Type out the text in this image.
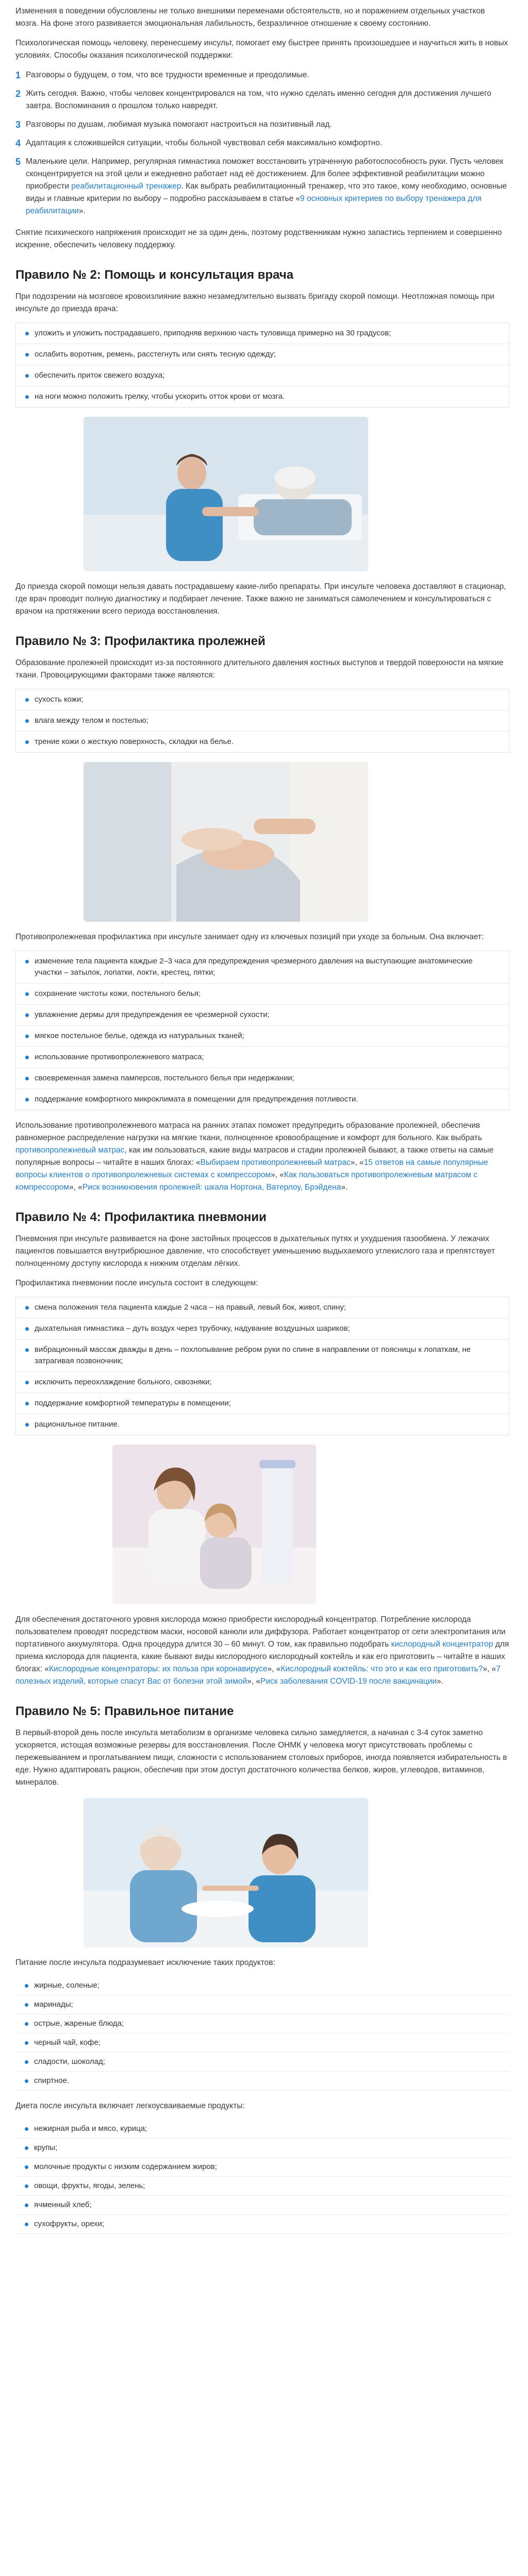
Изменения в поведении обусловлены не только внешними переменами обстоятельств, но и поражением отдельных участков мозга. На фоне этого развивается эмоциональная лабильность, безразличное отношение к своему состоянию.

Психологическая помощь человеку, перенесшему инсульт, помогает ему быстрее принять произошедшее и научиться жить в новых условиях. Способы оказания психологической поддержки:

1 Разговоры о будущем, о том, что все трудности временные и преодолимые.
2 Жить сегодня. Важно, чтобы человек концентрировался на том, что нужно сделать именно сегодня для достижения лучшего завтра. Воспоминания о прошлом только навредят.
3 Разговоры по душам, любимая музыка помогают настроиться на позитивный лад.
4 Адаптация к сложившейся ситуации, чтобы больной чувствовал себя максимально комфортно.
5 Маленькие цели. Например, регулярная гимнастика поможет восстановить утраченную работоспособность руки. Пусть человек сконцентрируется на этой цели и ежедневно работает над её достижением. Для более эффективной реабилитации можно приобрести реабилитационный тренажер. Как выбрать реабилитационный тренажер, что это такое, кому необходимо, основные виды и главные критерии по выбору – подробно рассказываем в статье «9 основных критериев по выбору тренажера для реабилитации».

Снятие психического напряжения происходит не за один день, поэтому родственникам нужно запастись терпением и совершенно искренне, обеспечить человеку поддержку.

Правило № 2: Помощь и консультация врача

При подозрении на мозговое кровоизлияние важно незамедлительно вызвать бригаду скорой помощи. Неотложная помощь при инсульте до приезда врача:

уложить и уложить пострадавшего, приподняв верхнюю часть туловища примерно на 30 градусов;
ослабить воротник, ремень, расстегнуть или снять тесную одежду;
обеспечить приток свежего воздуха;
на ноги можно положить грелку, чтобы ускорить отток крови от мозга.

До приезда скорой помощи нельзя давать пострадавшему какие-либо препараты. При инсульте человека доставляют в стационар, где врач проводит полную диагностику и подбирает лечение. Также важно не заниматься самолечением и консультироваться с врачом на протяжении всего периода восстановления.

Правило № 3: Профилактика пролежней

Образование пролежней происходит из-за постоянного длительного давления костных выступов и твердой поверхности на мягкие ткани. Провоцирующими факторами также являются:

сухость кожи;
влага между телом и постелью;
трение кожи о жесткую поверхность, складки на белье.

Противопролежневая профилактика при инсульте занимает одну из ключевых позиций при уходе за больным. Она включает:

изменение тела пациента каждые 2–3 часа для предупреждения чрезмерного давления на выступающие анатомические участки – затылок, лопатки, локти, крестец, пятки;
сохранение чистоты кожи, постельного белья;
увлажнение дермы для предупреждения ее чрезмерной сухости;
мягкое постельное белье, одежда из натуральных тканей;
использование противопролежневого матраса;
своевременная замена памперсов, постельного белья при недержании;
поддержание комфортного микроклимата в помещении для предупреждения потливости.

Использование противопролежневого матраса на ранних этапах поможет предупредить образование пролежней, обеспечив равномерное распределение нагрузки на мягкие ткани, полноценное кровообращение и комфорт для больного. Как выбрать противопролежневый матрас, как им пользоваться, какие виды матрасов и стадии пролежней бывают, а также ответы на самые популярные вопросы – читайте в наших блогах: «Выбираем противопролежневый матрас», «15 ответов на самые популярные вопросы клиентов о противопролежневых системах с компрессором», «Как пользоваться противопролежневым матрасом с компрессором», «Риск возникновения пролежней: шкала Нортона, Ватерлоу, Брэйдена».

Правило № 4: Профилактика пневмонии

Пневмония при инсульте развивается на фоне застойных процессов в дыхательных путях и ухудшения газообмена. У лежачих пациентов повышается внутрибрюшное давление, что способствует уменьшению выдыхаемого углекислого газа и препятствует полноценному доступу кислорода к нижним отделам лёгких.

Профилактика пневмонии после инсульта состоит в следующем:

смена положения тела пациента каждые 2 часа – на правый, левый бок, живот, спину;
дыхательная гимнастика – дуть воздух через трубочку, надувание воздушных шариков;
вибрационный массаж дважды в день – похлопывание ребром руки по спине в направлении от поясницы к лопаткам, не затрагивая позвоночник;
исключить переохлаждение больного, сквозняки;
поддержание комфортной температуры в помещении;
рациональное питание.

Для обеспечения достаточного уровня кислорода можно приобрести кислородный концентратор. Потребление кислорода пользователем проводят посредством маски, носовой канюли или диффузора. Работает концентратор от сети электропитания или портативного аккумулятора. Одна процедура длится 30 – 60 минут. О том, как правильно подобрать кислородный концентратор для приема кислорода для пациента, какие бывают виды кислородного кислородный коктейль и как его приготовить – читайте в наших блогах: «Кислородные концентраторы: их польза при коронавирусе», «Кислородный коктейль: что это и как его приготовить?», «7 полезных изделий, которые спасут Вас от болезни этой зимой», «Риск заболевания COVID-19 после вакцинации».

Правило № 5: Правильное питание

В первый-второй день после инсульта метаболизм в организме человека сильно замедляется, а начиная с 3-4 суток заметно ускоряется, истощая возможные резервы для восстановления. После ОНМК у человека могут присутствовать проблемы с пережевыванием и проглатыванием пищи, сложности с использованием столовых приборов, иногда появляется избирательность в еде. Нужно адаптировать рацион, обеспечив при этом доступ достаточного количества белков, жиров, углеводов, витаминов, минералов.

Питание после инсульта подразумевает исключение таких продуктов:

жирные, соленые;
маринады;
острые, жареные блюда;
черный чай, кофе;
сладости, шоколад;
спиртное.

Диета после инсульта включает легкоусваиваемые продукты:

нежирная рыба и мясо, курица;
крупы;
молочные продукты с низким содержанием жиров;
овощи, фрукты, ягоды, зелень;
ячменный хлеб;
сухофрукты, орехи;
